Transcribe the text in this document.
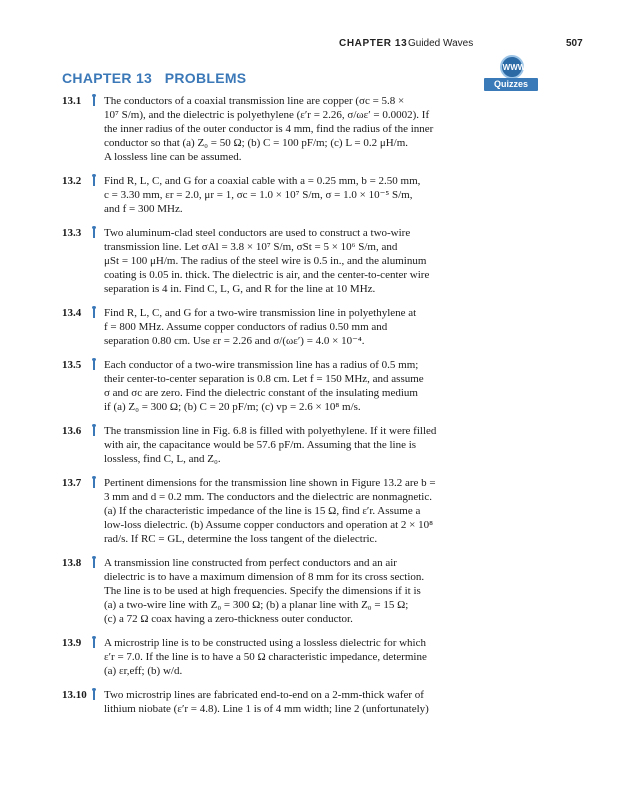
CHAPTER 13 Guided Waves	507
WWW
Quizzes
CHAPTER 13   PROBLEMS
13.1 The conductors of a coaxial transmission line are copper (σc = 5.8 ×
10⁷ S/m), and the dielectric is polyethylene (ε′r = 2.26, σ/ωε′ = 0.0002). If
the inner radius of the outer conductor is 4 mm, find the radius of the inner
conductor so that (a) Z₀ = 50 Ω; (b) C = 100 pF/m; (c) L = 0.2 μH/m.
A lossless line can be assumed.
13.2 Find R, L, C, and G for a coaxial cable with a = 0.25 mm, b = 2.50 mm,
c = 3.30 mm, εr = 2.0, μr = 1, σc = 1.0 × 10⁷ S/m, σ = 1.0 × 10⁻⁵ S/m,
and f = 300 MHz.
13.3 Two aluminum-clad steel conductors are used to construct a two-wire
transmission line. Let σAl = 3.8 × 10⁷ S/m, σSt = 5 × 10⁶ S/m, and
μSt = 100 μH/m. The radius of the steel wire is 0.5 in., and the aluminum
coating is 0.05 in. thick. The dielectric is air, and the center-to-center wire
separation is 4 in. Find C, L, G, and R for the line at 10 MHz.
13.4 Find R, L, C, and G for a two-wire transmission line in polyethylene at
f = 800 MHz. Assume copper conductors of radius 0.50 mm and
separation 0.80 cm. Use εr = 2.26 and σ/(ωε′) = 4.0 × 10⁻⁴.
13.5 Each conductor of a two-wire transmission line has a radius of 0.5 mm;
their center-to-center separation is 0.8 cm. Let f = 150 MHz, and assume
σ and σc are zero. Find the dielectric constant of the insulating medium
if (a) Z₀ = 300 Ω; (b) C = 20 pF/m; (c) vp = 2.6 × 10⁸ m/s.
13.6 The transmission line in Fig. 6.8 is filled with polyethylene. If it were filled
with air, the capacitance would be 57.6 pF/m. Assuming that the line is
lossless, find C, L, and Z₀.
13.7 Pertinent dimensions for the transmission line shown in Figure 13.2 are b =
3 mm and d = 0.2 mm. The conductors and the dielectric are nonmagnetic.
(a) If the characteristic impedance of the line is 15 Ω, find ε′r. Assume a
low-loss dielectric. (b) Assume copper conductors and operation at 2 × 10⁸
rad/s. If RC = GL, determine the loss tangent of the dielectric.
13.8 A transmission line constructed from perfect conductors and an air
dielectric is to have a maximum dimension of 8 mm for its cross section.
The line is to be used at high frequencies. Specify the dimensions if it is
(a) a two-wire line with Z₀ = 300 Ω; (b) a planar line with Z₀ = 15 Ω;
(c) a 72 Ω coax having a zero-thickness outer conductor.
13.9 A microstrip line is to be constructed using a lossless dielectric for which
ε′r = 7.0. If the line is to have a 50 Ω characteristic impedance, determine
(a) εr,eff; (b) w/d.
13.10 Two microstrip lines are fabricated end-to-end on a 2-mm-thick wafer of
lithium niobate (ε′r = 4.8). Line 1 is of 4 mm width; line 2 (unfortunately)
